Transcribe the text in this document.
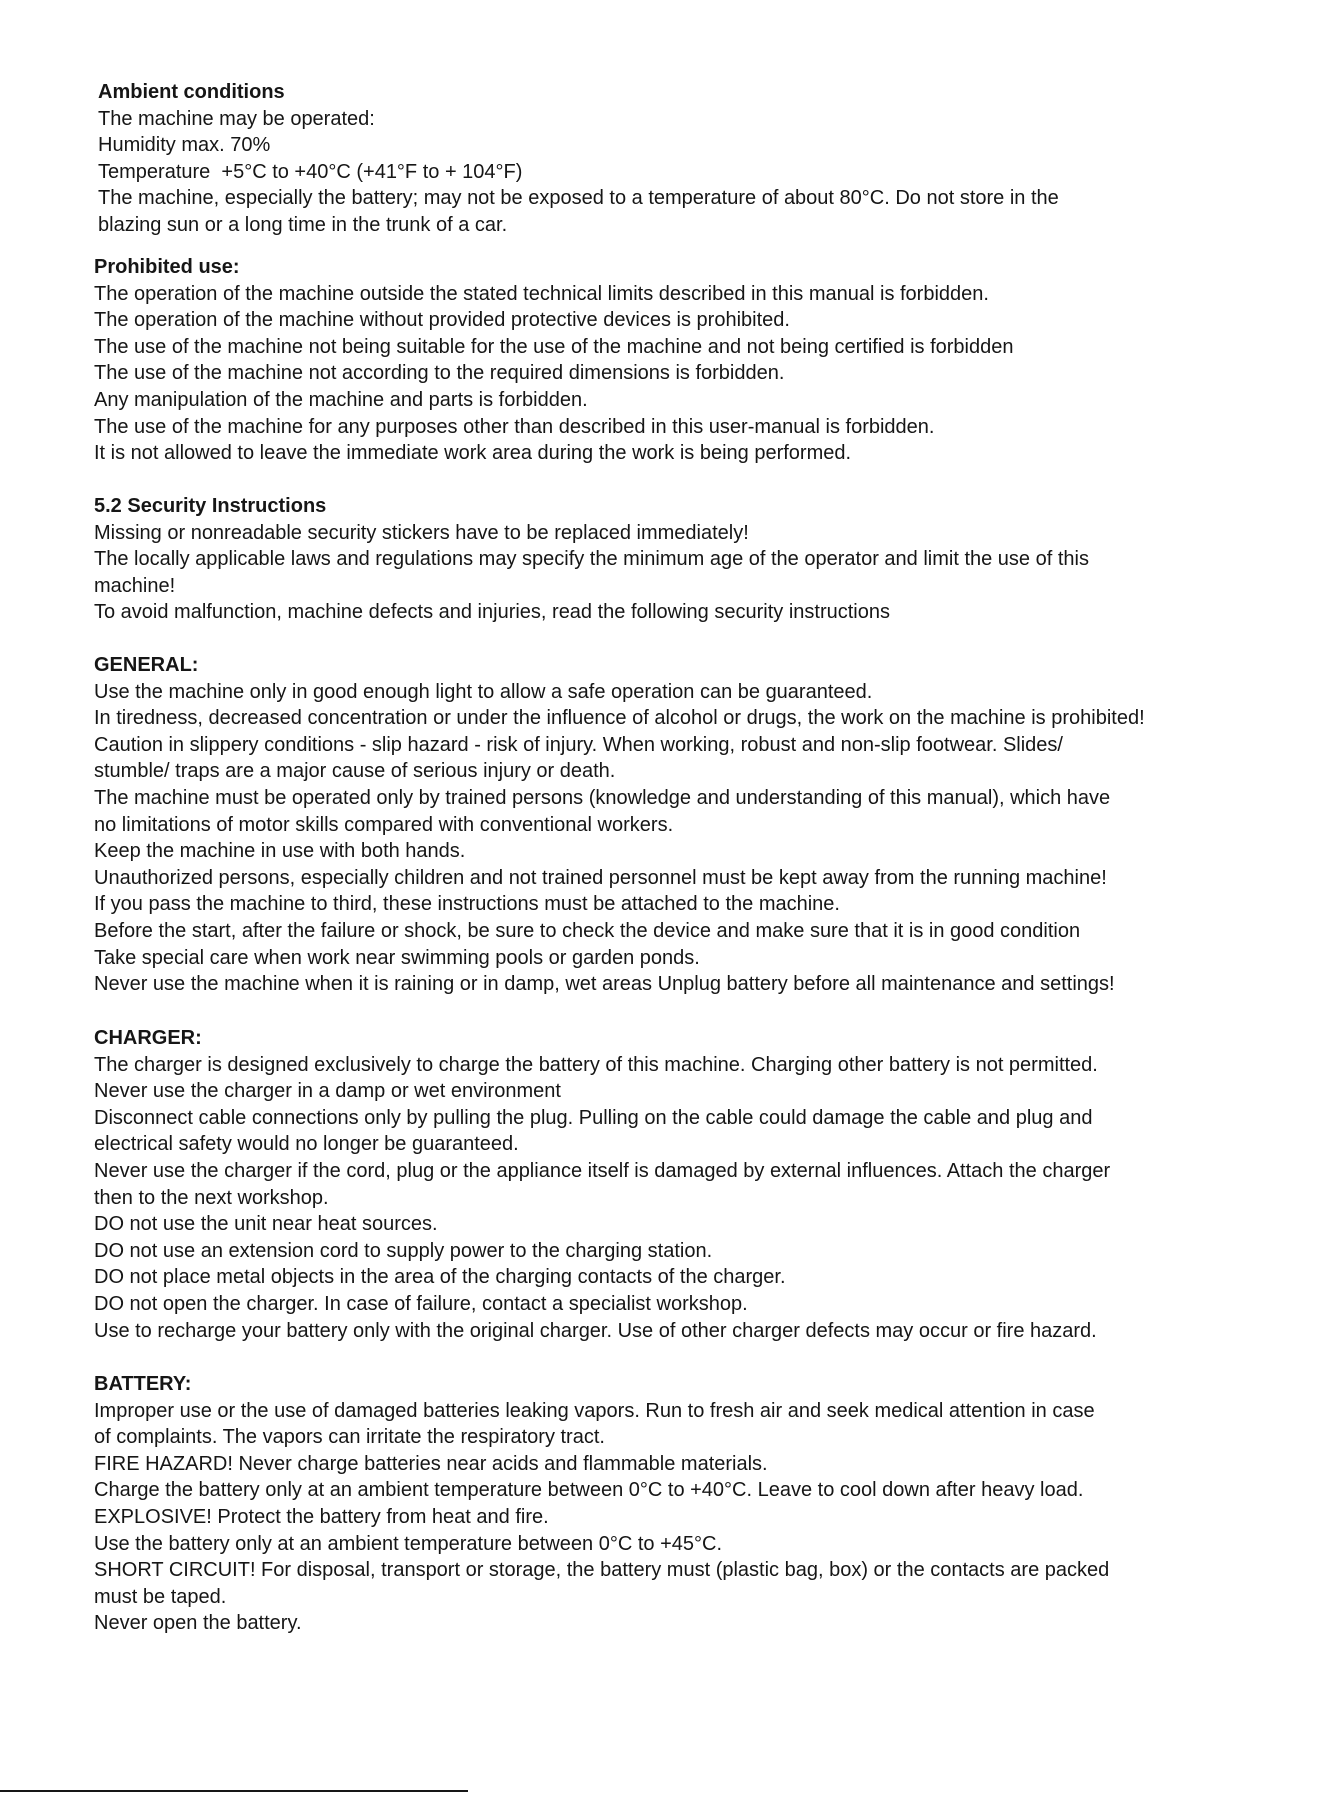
Ambient conditions

The machine may be operated:

Humidity max. 70%

Temperature  +5°C to +40°C (+41°F to + 104°F)

The machine, especially the battery; may not be exposed to a temperature of about 80°C. Do not store in the

blazing sun or a long time in the trunk of a car.

Prohibited use:

The operation of the machine outside the stated technical limits described in this manual is forbidden.

The operation of the machine without provided protective devices is prohibited.

The use of the machine not being suitable for the use of the machine and not being certified is forbidden

The use of the machine not according to the required dimensions is forbidden.

Any manipulation of the machine and parts is forbidden.

The use of the machine for any purposes other than described in this user-manual is forbidden.

It is not allowed to leave the immediate work area during the work is being performed.

5.2 Security Instructions

Missing or nonreadable security stickers have to be replaced immediately!

The locally applicable laws and regulations may specify the minimum age of the operator and limit the use of this

machine!

To avoid malfunction, machine defects and injuries, read the following security instructions

GENERAL:

Use the machine only in good enough light to allow a safe operation can be guaranteed.

In tiredness, decreased concentration or under the influence of alcohol or drugs, the work on the machine is prohibited!

Caution in slippery conditions - slip hazard - risk of injury. When working, robust and non-slip footwear. Slides/

stumble/ traps are a major cause of serious injury or death.

The machine must be operated only by trained persons (knowledge and understanding of this manual), which have

no limitations of motor skills compared with conventional workers.

Keep the machine in use with both hands.

Unauthorized persons, especially children and not trained personnel must be kept away from the running machine!

If you pass the machine to third, these instructions must be attached to the machine.

Before the start, after the failure or shock, be sure to check the device and make sure that it is in good condition

Take special care when work near swimming pools or garden ponds.

Never use the machine when it is raining or in damp, wet areas Unplug battery before all maintenance and settings!

CHARGER:

The charger is designed exclusively to charge the battery of this machine. Charging other battery is not permitted.

Never use the charger in a damp or wet environment

Disconnect cable connections only by pulling the plug. Pulling on the cable could damage the cable and plug and

electrical safety would no longer be guaranteed.

Never use the charger if the cord, plug or the appliance itself is damaged by external influences. Attach the charger

then to the next workshop.

DO not use the unit near heat sources.

DO not use an extension cord to supply power to the charging station.

DO not place metal objects in the area of the charging contacts of the charger.

DO not open the charger. In case of failure, contact a specialist workshop.

Use to recharge your battery only with the original charger. Use of other charger defects may occur or fire hazard.

BATTERY:

Improper use or the use of damaged batteries leaking vapors. Run to fresh air and seek medical attention in case

of complaints. The vapors can irritate the respiratory tract.

FIRE HAZARD! Never charge batteries near acids and flammable materials.

Charge the battery only at an ambient temperature between 0°C to +40°C. Leave to cool down after heavy load.

EXPLOSIVE! Protect the battery from heat and fire.

Use the battery only at an ambient temperature between 0°C to +45°C.

SHORT CIRCUIT! For disposal, transport or storage, the battery must (plastic bag, box) or the contacts are packed

must be taped.

Never open the battery.
